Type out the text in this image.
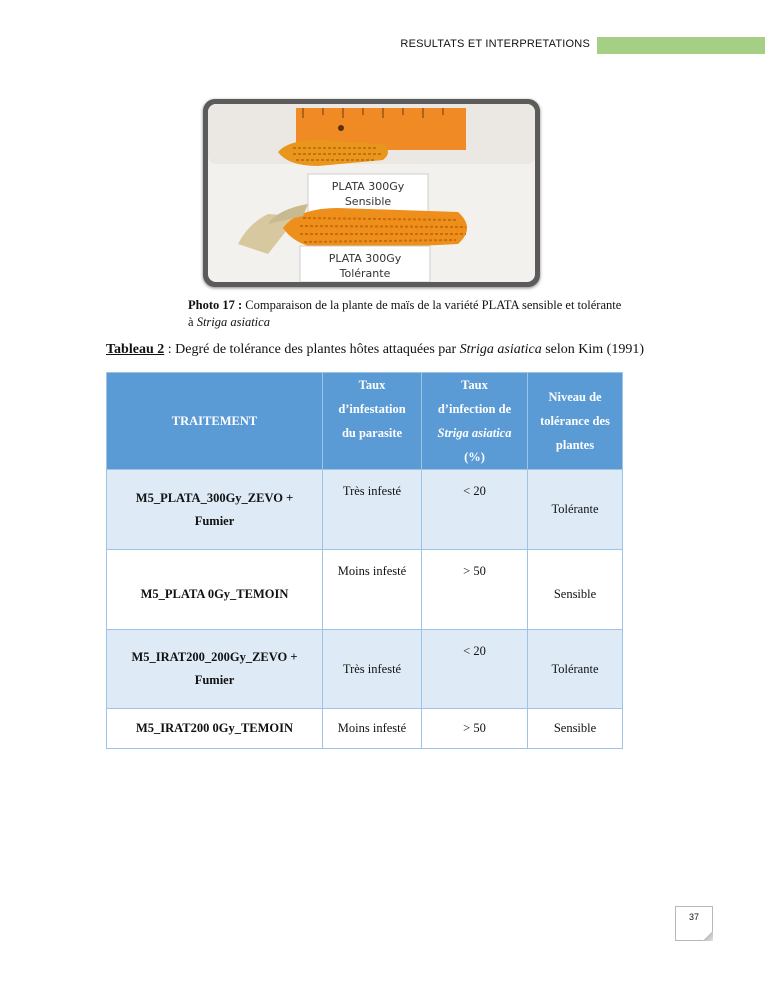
RESULTATS ET INTERPRETATIONS
PLATA 300Gy
Sensible
PLATA 300Gy
Tolérante
Photo 17 : Comparaison de la plante de maïs de la variété PLATA sensible et tolérante
à Striga asiatica
Tableau 2 : Degré de tolérance des plantes hôtes attaquées par Striga asiatica selon Kim (1991)
TRAITEMENT	Taux
d’infestation
du parasite	Taux
d’infection de
Striga asiatica
(%)	Niveau de
tolérance des
plantes

M5_PLATA_300Gy_ZEVO +
Fumier	Très infesté	< 20	Tolérante

M5_PLATA 0Gy_TEMOIN	Moins infesté	> 50	Sensible

M5_IRAT200_200Gy_ZEVO +
Fumier	Très infesté	< 20	Tolérante
M5_IRAT200 0Gy_TEMOIN	Moins infesté	> 50	Sensible
37
